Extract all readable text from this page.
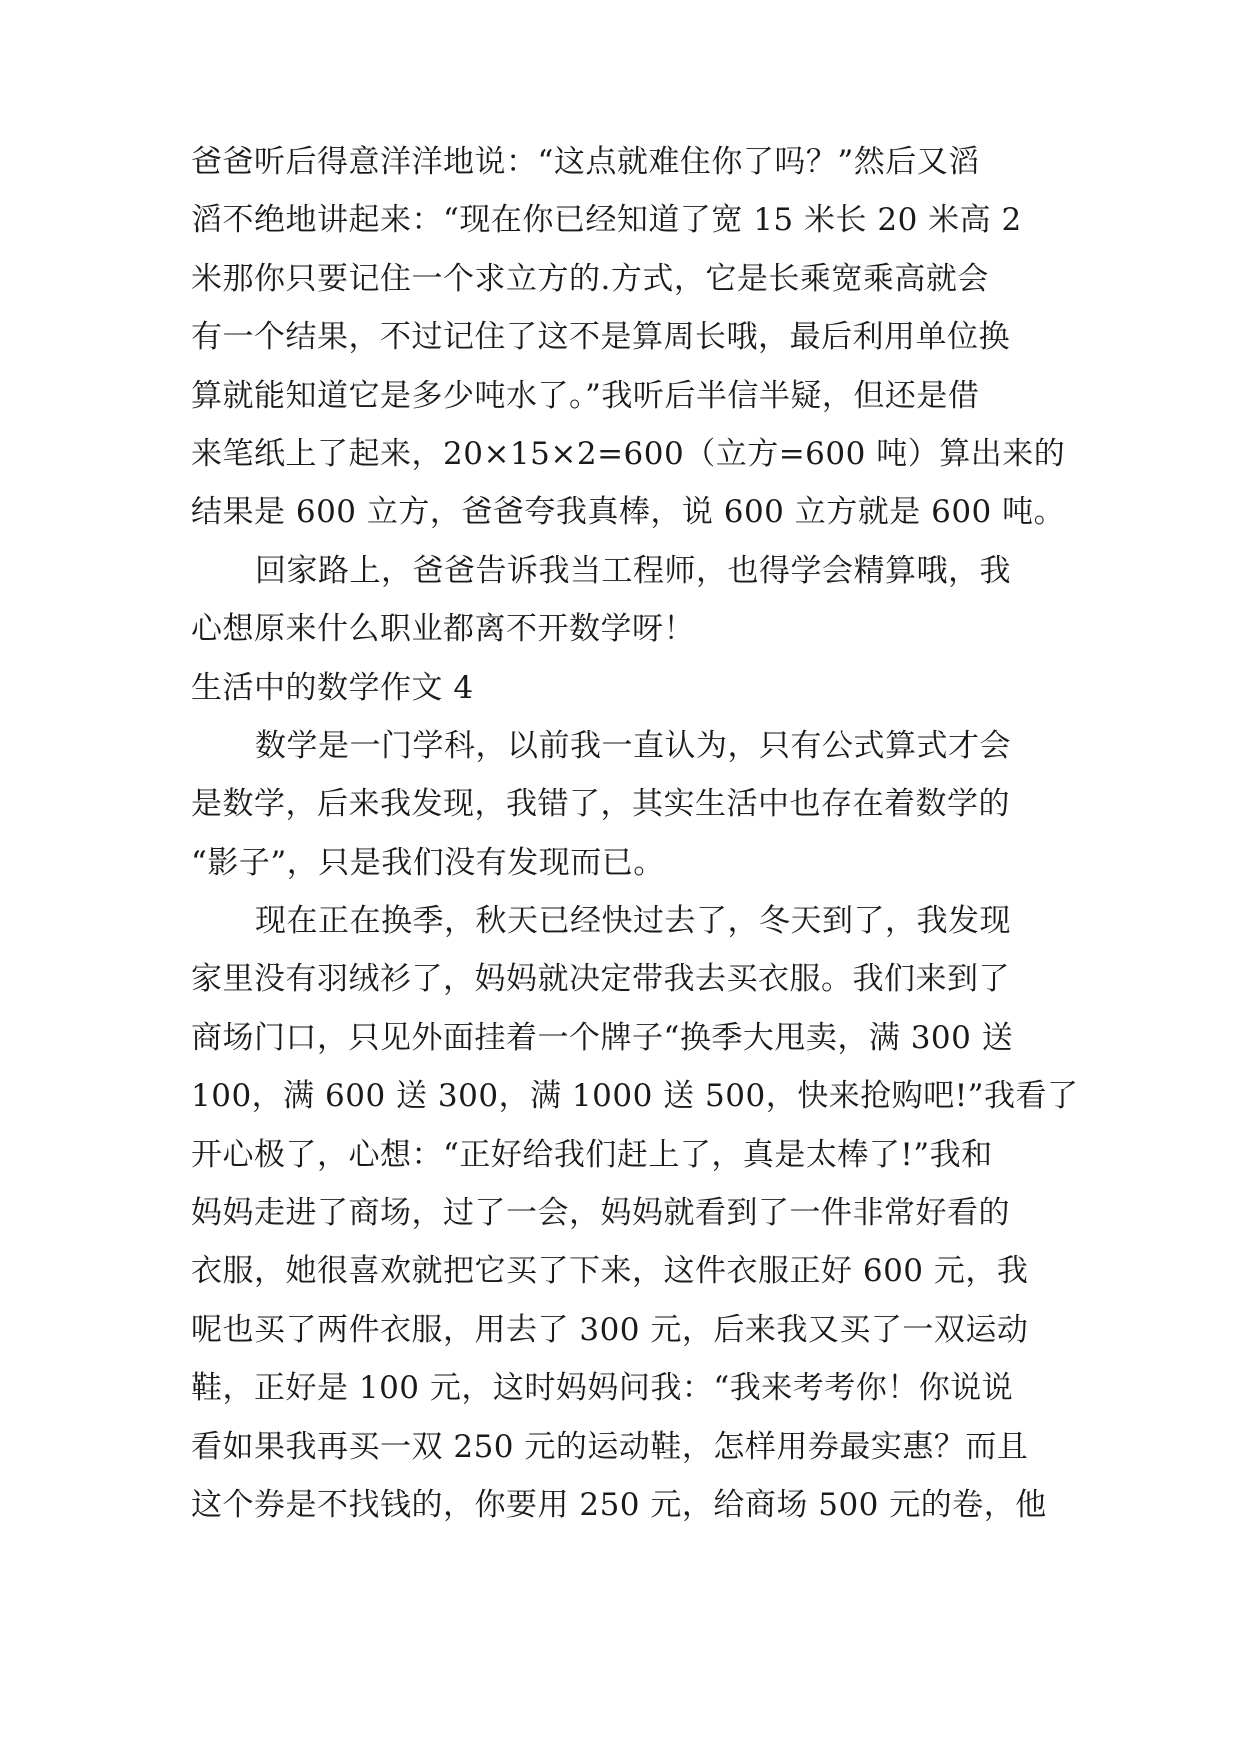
爸爸听后得意洋洋地说：“这点就难住你了吗？”然后又滔
滔不绝地讲起来：“现在你已经知道了宽 15 米长 20 米高 2
米那你只要记住一个求立方的.方式，它是长乘宽乘高就会
有一个结果，不过记住了这不是算周长哦，最后利用单位换
算就能知道它是多少吨水了。”我听后半信半疑，但还是借
来笔纸上了起来，20×15×2=600（立方=600 吨）算出来的
结果是 600 立方，爸爸夸我真棒，说 600 立方就是 600 吨。
回家路上，爸爸告诉我当工程师，也得学会精算哦，我
心想原来什么职业都离不开数学呀！
生活中的数学作文 4
数学是一门学科，以前我一直认为，只有公式算式才会
是数学，后来我发现，我错了，其实生活中也存在着数学的
“影子”，只是我们没有发现而已。
现在正在换季，秋天已经快过去了，冬天到了，我发现
家里没有羽绒衫了，妈妈就决定带我去买衣服。我们来到了
商场门口，只见外面挂着一个牌子“换季大甩卖，满 300 送
100，满 600 送 300，满 1000 送 500，快来抢购吧!”我看了
开心极了，心想：“正好给我们赶上了，真是太棒了!”我和
妈妈走进了商场，过了一会，妈妈就看到了一件非常好看的
衣服，她很喜欢就把它买了下来，这件衣服正好 600 元，我
呢也买了两件衣服，用去了 300 元，后来我又买了一双运动
鞋，正好是 100 元，这时妈妈问我：“我来考考你！你说说
看如果我再买一双 250 元的运动鞋，怎样用券最实惠？而且
这个券是不找钱的，你要用 250 元，给商场 500 元的卷，他
